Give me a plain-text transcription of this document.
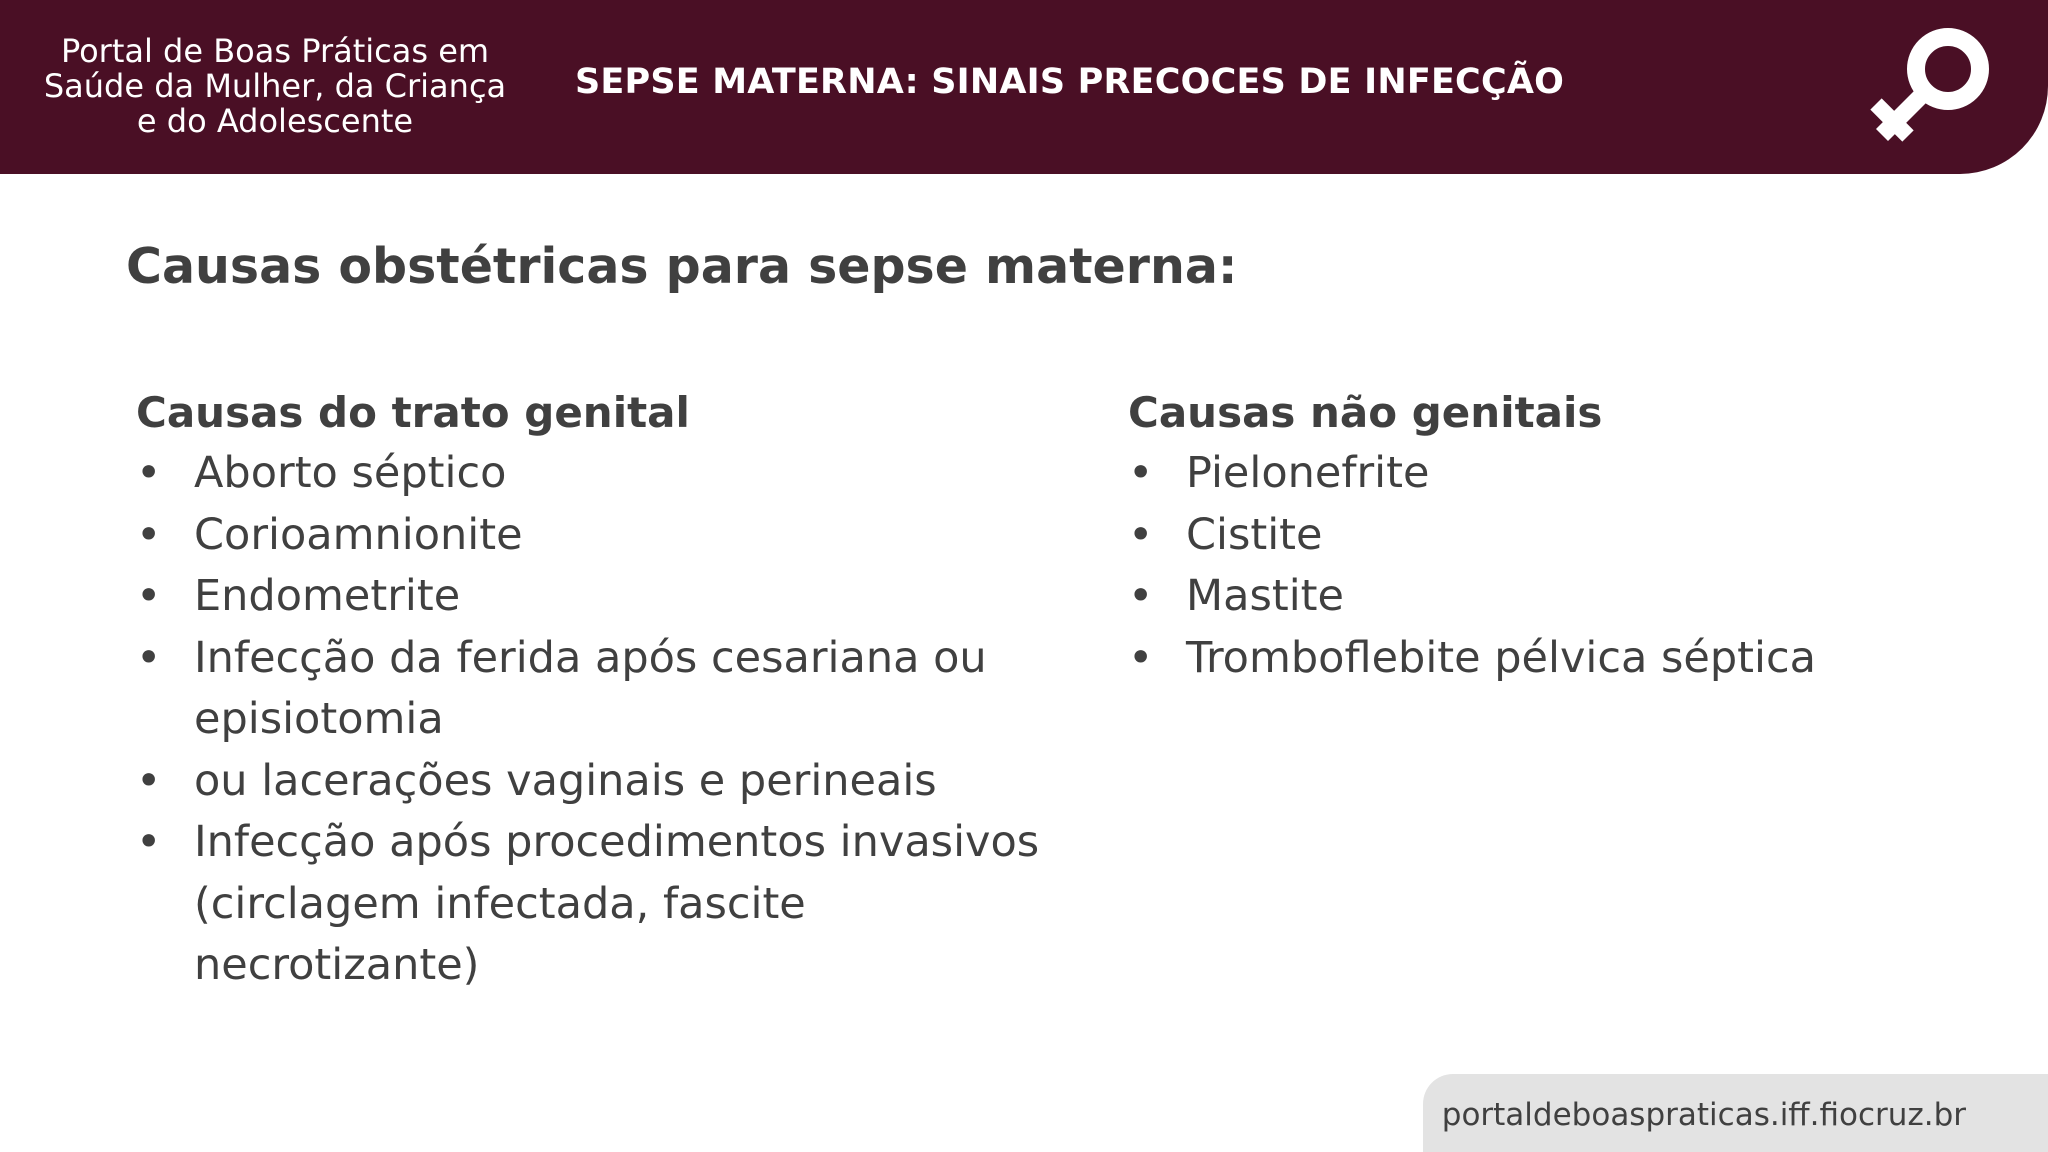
Portal de Boas Práticas em
Saúde da Mulher, da Criança
e do Adolescente
SEPSE MATERNA: SINAIS PRECOCES DE INFECÇÃO
Causas obstétricas para sepse materna:
Causas do trato genital
• Aborto séptico
• Corioamnionite
• Endometrite
• Infecção da ferida após cesariana ou
episiotomia
• ou lacerações vaginais e perineais
• Infecção após procedimentos invasivos
(circlagem infectada, fascite necrotizante)
Causas não genitais
• Pielonefrite
• Cistite
• Mastite
• Tromboflebite pélvica séptica
portaldeboaspraticas.iff.fiocruz.br
